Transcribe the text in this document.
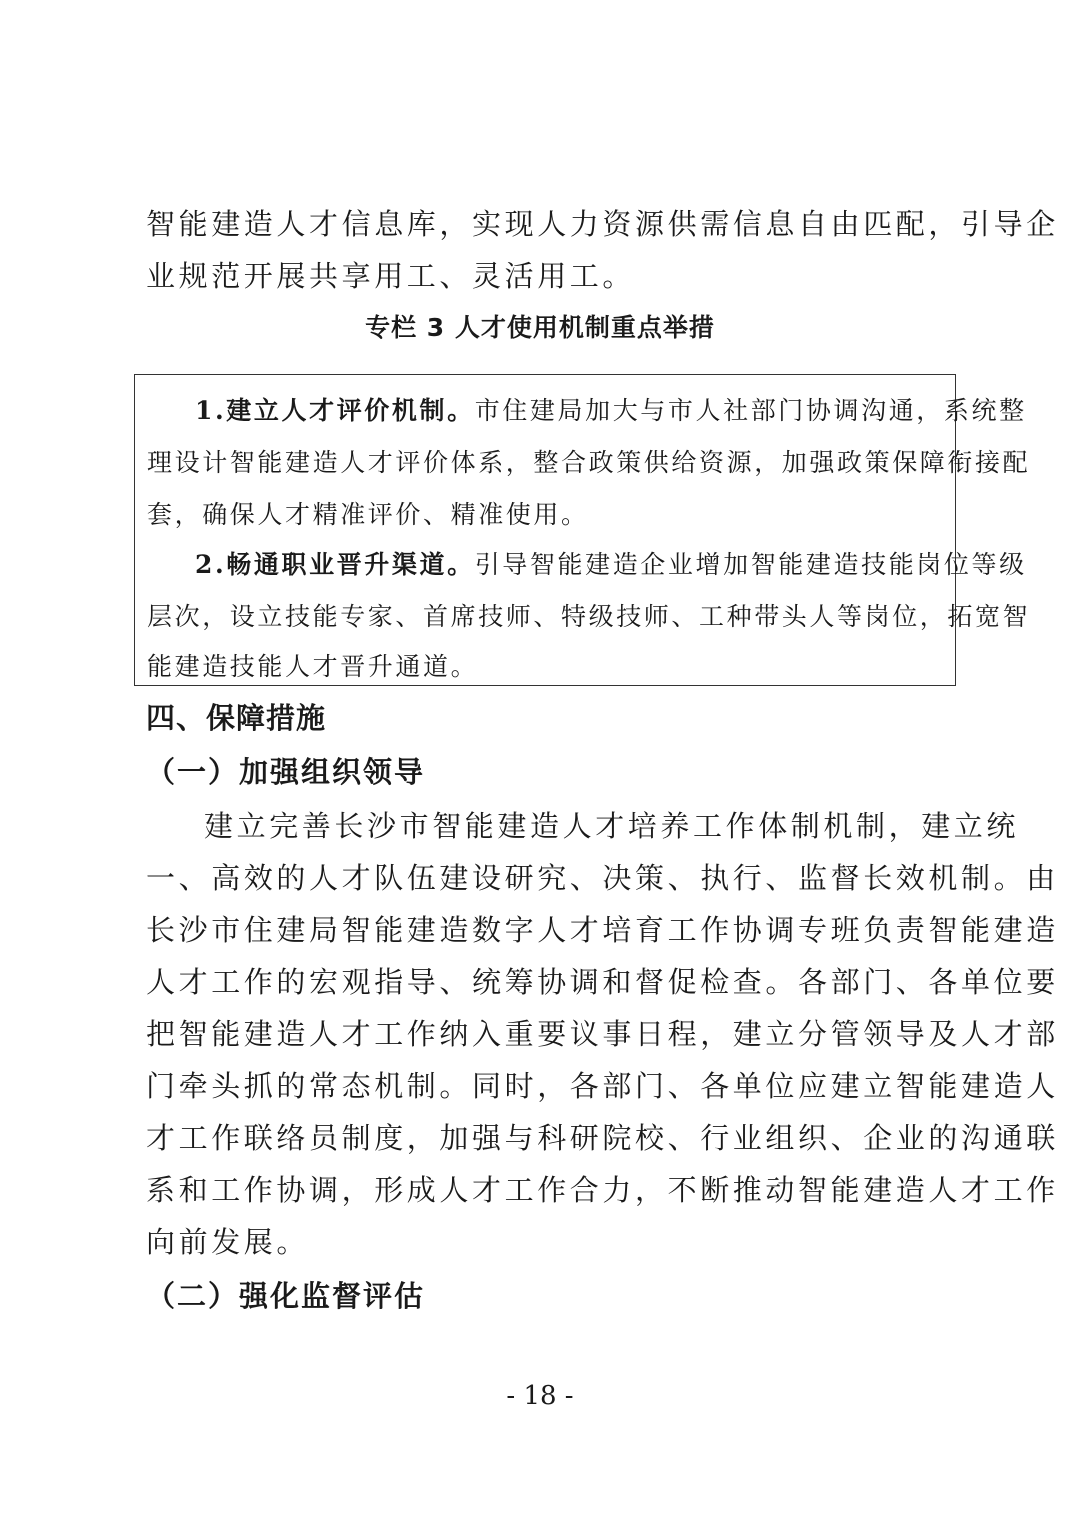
智能建造人才信息库，实现人力资源供需信息自由匹配，引导企
业规范开展共享用工、灵活用工。
专栏 3 人才使用机制重点举措
1.建立人才评价机制。市住建局加大与市人社部门协调沟通，系统整
理设计智能建造人才评价体系，整合政策供给资源，加强政策保障衔接配
套，确保人才精准评价、精准使用。
2.畅通职业晋升渠道。引导智能建造企业增加智能建造技能岗位等级
层次，设立技能专家、首席技师、特级技师、工种带头人等岗位，拓宽智
能建造技能人才晋升通道。
四、保障措施
（一）加强组织领导
建立完善长沙市智能建造人才培养工作体制机制，建立统
一、高效的人才队伍建设研究、决策、执行、监督长效机制。由
长沙市住建局智能建造数字人才培育工作协调专班负责智能建造
人才工作的宏观指导、统筹协调和督促检查。各部门、各单位要
把智能建造人才工作纳入重要议事日程，建立分管领导及人才部
门牵头抓的常态机制。同时，各部门、各单位应建立智能建造人
才工作联络员制度，加强与科研院校、行业组织、企业的沟通联
系和工作协调，形成人才工作合力，不断推动智能建造人才工作
向前发展。
（二）强化监督评估
- 18 -
